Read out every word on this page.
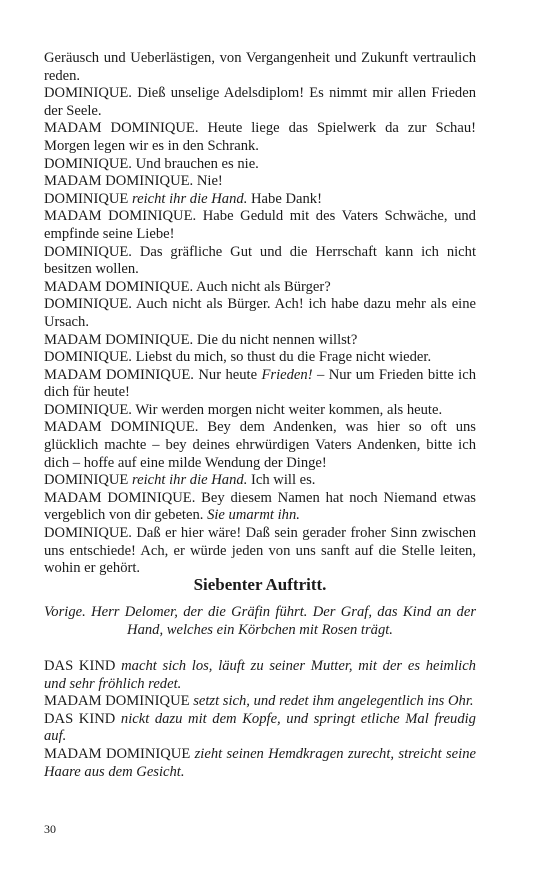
Geräusch und Ueberlästigen, von Vergangenheit und Zukunft vertraulich reden.

DOMINIQUE. Dieß unselige Adelsdiplom! Es nimmt mir allen Frieden der Seele.

MADAM DOMINIQUE. Heute liege das Spielwerk da zur Schau! Morgen legen wir es in den Schrank.

DOMINIQUE. Und brauchen es nie.

MADAM DOMINIQUE. Nie!

DOMINIQUE reicht ihr die Hand. Habe Dank!

MADAM DOMINIQUE. Habe Geduld mit des Vaters Schwäche, und empfinde seine Liebe!

DOMINIQUE. Das gräfliche Gut und die Herrschaft kann ich nicht besitzen wollen.

MADAM DOMINIQUE. Auch nicht als Bürger?

DOMINIQUE. Auch nicht als Bürger. Ach! ich habe dazu mehr als eine Ursach.

MADAM DOMINIQUE. Die du nicht nennen willst?

DOMINIQUE. Liebst du mich, so thust du die Frage nicht wieder.

MADAM DOMINIQUE. Nur heute Frieden! – Nur um Frieden bitte ich dich für heute!

DOMINIQUE. Wir werden morgen nicht weiter kommen, als heute.

MADAM DOMINIQUE. Bey dem Andenken, was hier so oft uns glücklich machte – bey deines ehrwürdigen Vaters Andenken, bitte ich dich – hoffe auf eine milde Wendung der Dinge!

DOMINIQUE reicht ihr die Hand. Ich will es.

MADAM DOMINIQUE. Bey diesem Namen hat noch Niemand etwas vergeblich von dir gebeten. Sie umarmt ihn.

DOMINIQUE. Daß er hier wäre! Daß sein gerader froher Sinn zwischen uns entschiede! Ach, er würde jeden von uns sanft auf die Stelle leiten, wohin er gehört.

Siebenter Auftritt.

Vorige. Herr Delomer, der die Gräfin führt. Der Graf, das Kind an der Hand, welches ein Körbchen mit Rosen trägt.

DAS KIND macht sich los, läuft zu seiner Mutter, mit der es heimlich und sehr fröhlich redet.

MADAM DOMINIQUE setzt sich, und redet ihm angelegentlich ins Ohr.

DAS KIND nickt dazu mit dem Kopfe, und springt etliche Mal freudig auf.

MADAM DOMINIQUE zieht seinen Hemdkragen zurecht, streicht seine Haare aus dem Gesicht.

30
